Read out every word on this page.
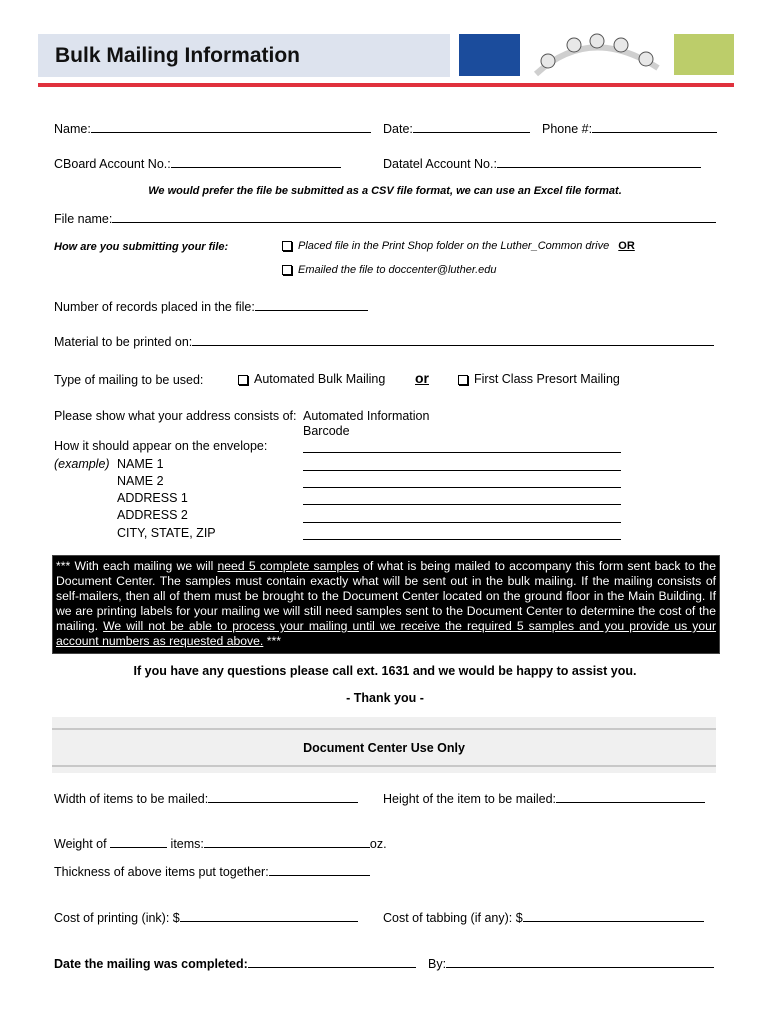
Bulk Mailing Information
Name:	Date:	Phone #:
CBoard Account No.:	Datatel Account No.:
We would prefer the file be submitted as a CSV file format, we can use an Excel file format.
File name:
How are you submitting your file:	Placed file in the Print Shop folder on the Luther_Common drive OR
Emailed the file to doccenter@luther.edu
Number of records placed in the file:
Material to be printed on:
Type of mailing to be used:	Automated Bulk Mailing or	First Class Presort Mailing
Please show what your address consists of: Automated Information
Barcode
How it should appear on the envelope:
(example) NAME 1
NAME 2
ADDRESS 1
ADDRESS 2
CITY, STATE, ZIP
*** With each mailing we will need 5 complete samples of what is being mailed to accompany this form sent back to the Document Center. The samples must contain exactly what will be sent out in the bulk mailing. If the mailing consists of self-mailers, then all of them must be brought to the Document Center located on the ground floor in the Main Building. If we are printing labels for your mailing we will still need samples sent to the Document Center to determine the cost of the mailing. We will not be able to process your mailing until we receive the required 5 samples and you provide us your account numbers as requested above. ***
If you have any questions please call ext. 1631 and we would be happy to assist you.
- Thank you -
Document Center Use Only
Width of items to be mailed:	Height of the item to be mailed:
Weight of	items:	oz.
Thickness of above items put together:
Cost of printing (ink): $	Cost of tabbing (if any): $
Date the mailing was completed:	By:
